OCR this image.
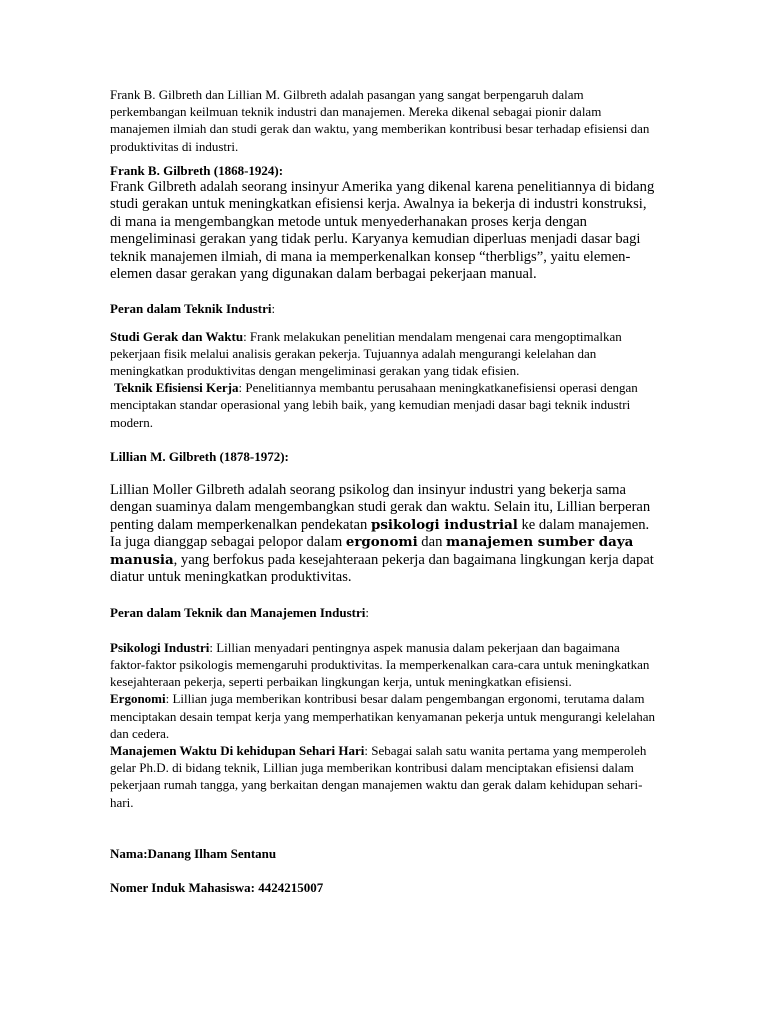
Frank B. Gilbreth dan Lillian M. Gilbreth adalah pasangan yang sangat berpengaruh dalam perkembangan keilmuan teknik industri dan manajemen. Mereka dikenal sebagai pionir dalam manajemen ilmiah dan studi gerak dan waktu, yang memberikan kontribusi besar terhadap efisiensi dan produktivitas di industri.

Frank B. Gilbreth (1868-1924):

Frank Gilbreth adalah seorang insinyur Amerika yang dikenal karena penelitiannya di bidang studi gerakan untuk meningkatkan efisiensi kerja. Awalnya ia bekerja di industri konstruksi, di mana ia mengembangkan metode untuk menyederhanakan proses kerja dengan mengeliminasi gerakan yang tidak perlu. Karyanya kemudian diperluas menjadi dasar bagi teknik manajemen ilmiah, di mana ia memperkenalkan konsep “therbligs”, yaitu elemen-elemen dasar gerakan yang digunakan dalam berbagai pekerjaan manual.

Peran dalam Teknik Industri:

Studi Gerak dan Waktu: Frank melakukan penelitian mendalam mengenai cara mengoptimalkan pekerjaan fisik melalui analisis gerakan pekerja. Tujuannya adalah mengurangi kelelahan dan meningkatkan produktivitas dengan mengeliminasi gerakan yang tidak efisien.

Teknik Efisiensi Kerja: Penelitiannya membantu perusahaan meningkatkanefisiensi operasi dengan menciptakan standar operasional yang lebih baik, yang kemudian menjadi dasar bagi teknik industri modern.

Lillian M. Gilbreth (1878-1972):

Lillian Moller Gilbreth adalah seorang psikolog dan insinyur industri yang bekerja sama dengan suaminya dalam mengembangkan studi gerak dan waktu. Selain itu, Lillian berperan penting dalam memperkenalkan pendekatan psikologi industrial ke dalam manajemen. Ia juga dianggap sebagai pelopor dalam ergonomi dan manajemen sumber daya manusia, yang berfokus pada kesejahteraan pekerja dan bagaimana lingkungan kerja dapat diatur untuk meningkatkan produktivitas.

Peran dalam Teknik dan Manajemen Industri:

Psikologi Industri: Lillian menyadari pentingnya aspek manusia dalam pekerjaan dan bagaimana faktor-faktor psikologis memengaruhi produktivitas. Ia memperkenalkan cara-cara untuk meningkatkan kesejahteraan pekerja, seperti perbaikan lingkungan kerja, untuk meningkatkan efisiensi.

Ergonomi: Lillian juga memberikan kontribusi besar dalam pengembangan ergonomi, terutama dalam menciptakan desain tempat kerja yang memperhatikan kenyamanan pekerja untuk mengurangi kelelahan dan cedera.

Manajemen Waktu Di kehidupan Sehari Hari: Sebagai salah satu wanita pertama yang memperoleh gelar Ph.D. di bidang teknik, Lillian juga memberikan kontribusi dalam menciptakan efisiensi dalam pekerjaan rumah tangga, yang berkaitan dengan manajemen waktu dan gerak dalam kehidupan sehari-hari.

Nama:Danang Ilham Sentanu

Nomer Induk Mahasiswa: 4424215007
